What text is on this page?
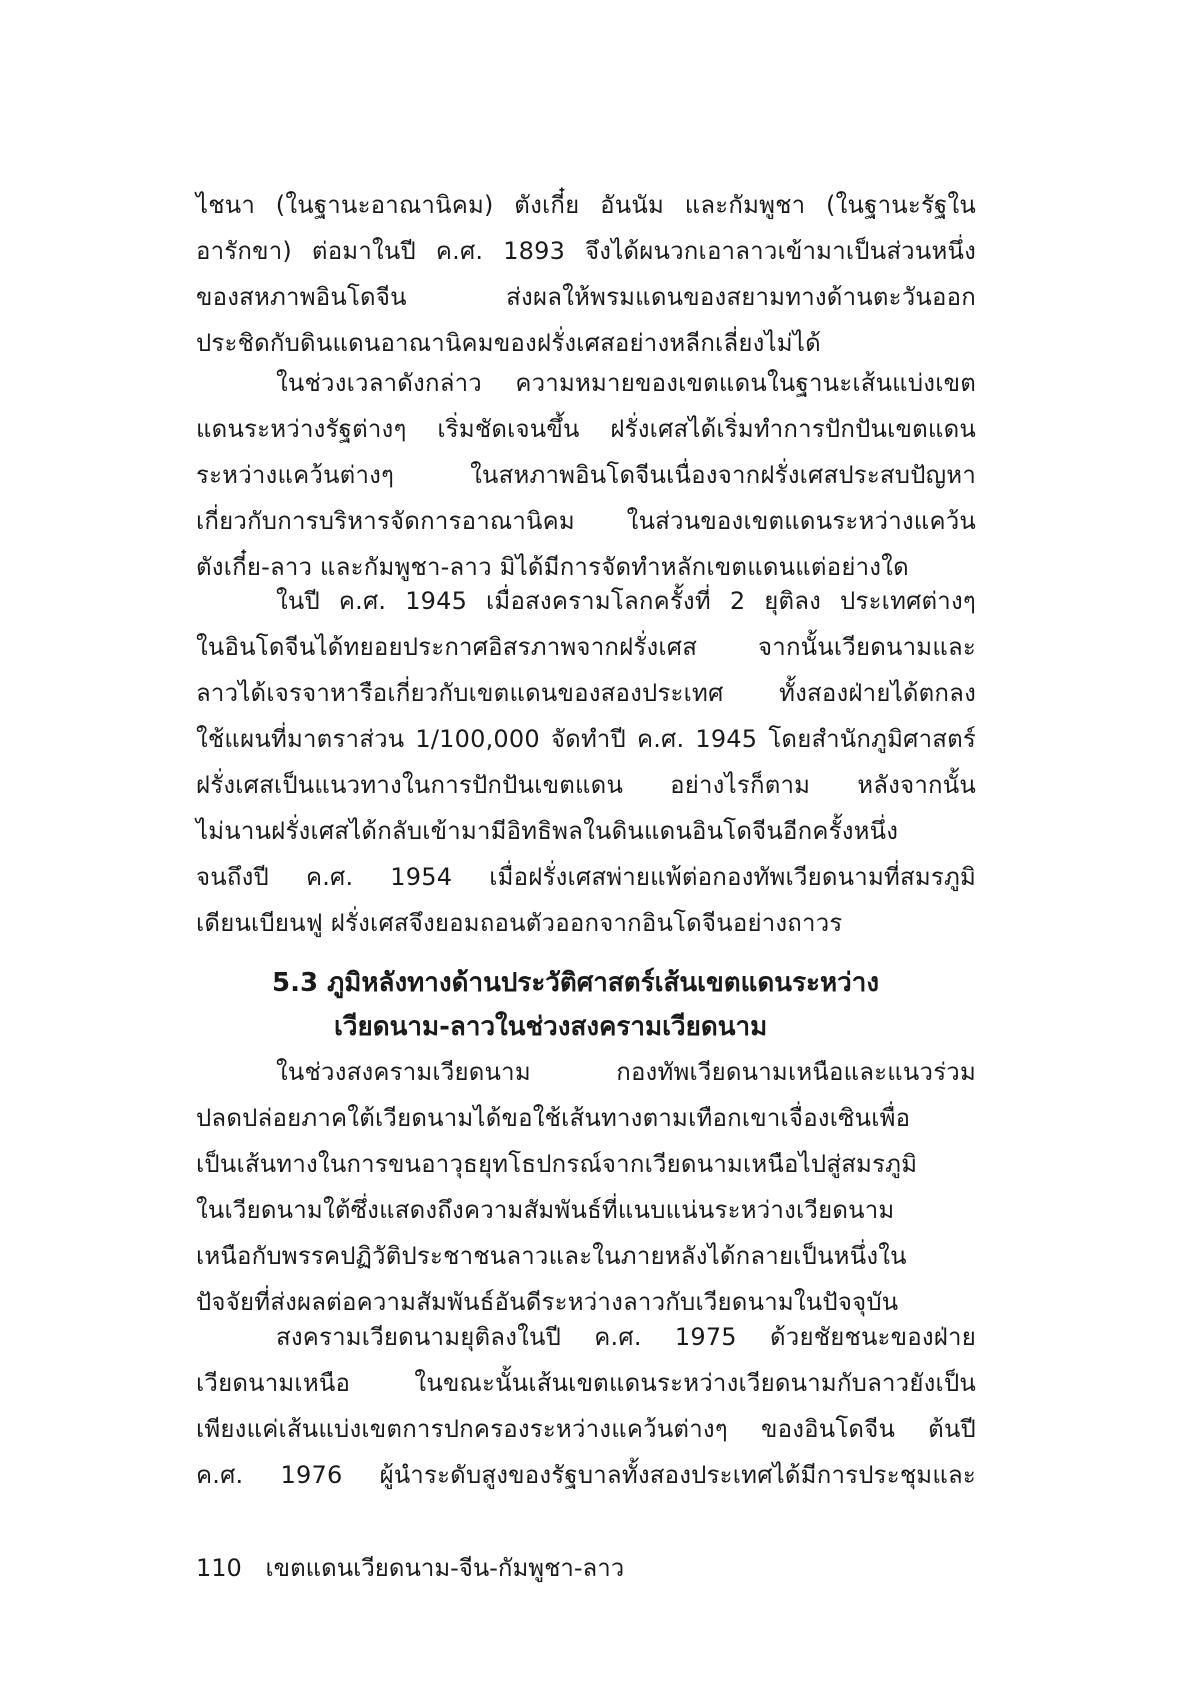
ไชนา (ในฐานะอาณานิคม) ตังเกี๋ย อันนัม และกัมพูชา (ในฐานะรัฐใน
อารักขา) ต่อมาในปี ค.ศ. 1893 จึงได้ผนวกเอาลาวเข้ามาเป็นส่วนหนึ่ง
ของสหภาพอินโดจีน ส่งผลให้พรมแดนของสยามทางด้านตะวันออก
ประชิดกับดินแดนอาณานิคมของฝรั่งเศสอย่างหลีกเลี่ยงไม่ได้
ในช่วงเวลาดังกล่าว ความหมายของเขตแดนในฐานะเส้นแบ่งเขต
แดนระหว่างรัฐต่างๆ เริ่มชัดเจนขึ้น ฝรั่งเศสได้เริ่มทำการปักปันเขตแดน
ระหว่างแคว้นต่างๆ ในสหภาพอินโดจีนเนื่องจากฝรั่งเศสประสบปัญหา
เกี่ยวกับการบริหารจัดการอาณานิคม ในส่วนของเขตแดนระหว่างแคว้น
ตังเกี๋ย-ลาว และกัมพูชา-ลาว มิได้มีการจัดทำหลักเขตแดนแต่อย่างใด
ในปี ค.ศ. 1945 เมื่อสงครามโลกครั้งที่ 2 ยุติลง ประเทศต่างๆ
ในอินโดจีนได้ทยอยประกาศอิสรภาพจากฝรั่งเศส จากนั้นเวียดนามและ
ลาวได้เจรจาหารือเกี่ยวกับเขตแดนของสองประเทศ ทั้งสองฝ่ายได้ตกลง
ใช้แผนที่มาตราส่วน 1/100,000 จัดทำปี ค.ศ. 1945 โดยสำนักภูมิศาสตร์
ฝรั่งเศสเป็นแนวทางในการปักปันเขตแดน อย่างไรก็ตาม หลังจากนั้น
ไม่นานฝรั่งเศสได้กลับเข้ามามีอิทธิพลในดินแดนอินโดจีนอีกครั้งหนึ่ง
จนถึงปี ค.ศ. 1954 เมื่อฝรั่งเศสพ่ายแพ้ต่อกองทัพเวียดนามที่สมรภูมิ
เดียนเบียนฟู ฝรั่งเศสจึงยอมถอนตัวออกจากอินโดจีนอย่างถาวร
5.3 ภูมิหลังทางด้านประวัติศาสตร์เส้นเขตแดนระหว่าง
เวียดนาม-ลาวในช่วงสงครามเวียดนาม
ในช่วงสงครามเวียดนาม กองทัพเวียดนามเหนือและแนวร่วม
ปลดปล่อยภาคใต้เวียดนามได้ขอใช้เส้นทางตามเทือกเขาเจื่องเซินเพื่อ
เป็นเส้นทางในการขนอาวุธยุทโธปกรณ์จากเวียดนามเหนือไปสู่สมรภูมิ
ในเวียดนามใต้ซึ่งแสดงถึงความสัมพันธ์ที่แนบแน่นระหว่างเวียดนาม
เหนือกับพรรคปฏิวัติประชาชนลาวและในภายหลังได้กลายเป็นหนึ่งใน
ปัจจัยที่ส่งผลต่อความสัมพันธ์อันดีระหว่างลาวกับเวียดนามในปัจจุบัน
สงครามเวียดนามยุติลงในปี ค.ศ. 1975 ด้วยชัยชนะของฝ่าย
เวียดนามเหนือ ในขณะนั้นเส้นเขตแดนระหว่างเวียดนามกับลาวยังเป็น
เพียงแค่เส้นแบ่งเขตการปกครองระหว่างแคว้นต่างๆ ของอินโดจีน ต้นปี
ค.ศ. 1976 ผู้นำระดับสูงของรัฐบาลทั้งสองประเทศได้มีการประชุมและ
110 เขตแดนเวียดนาม-จีน-กัมพูชา-ลาว
